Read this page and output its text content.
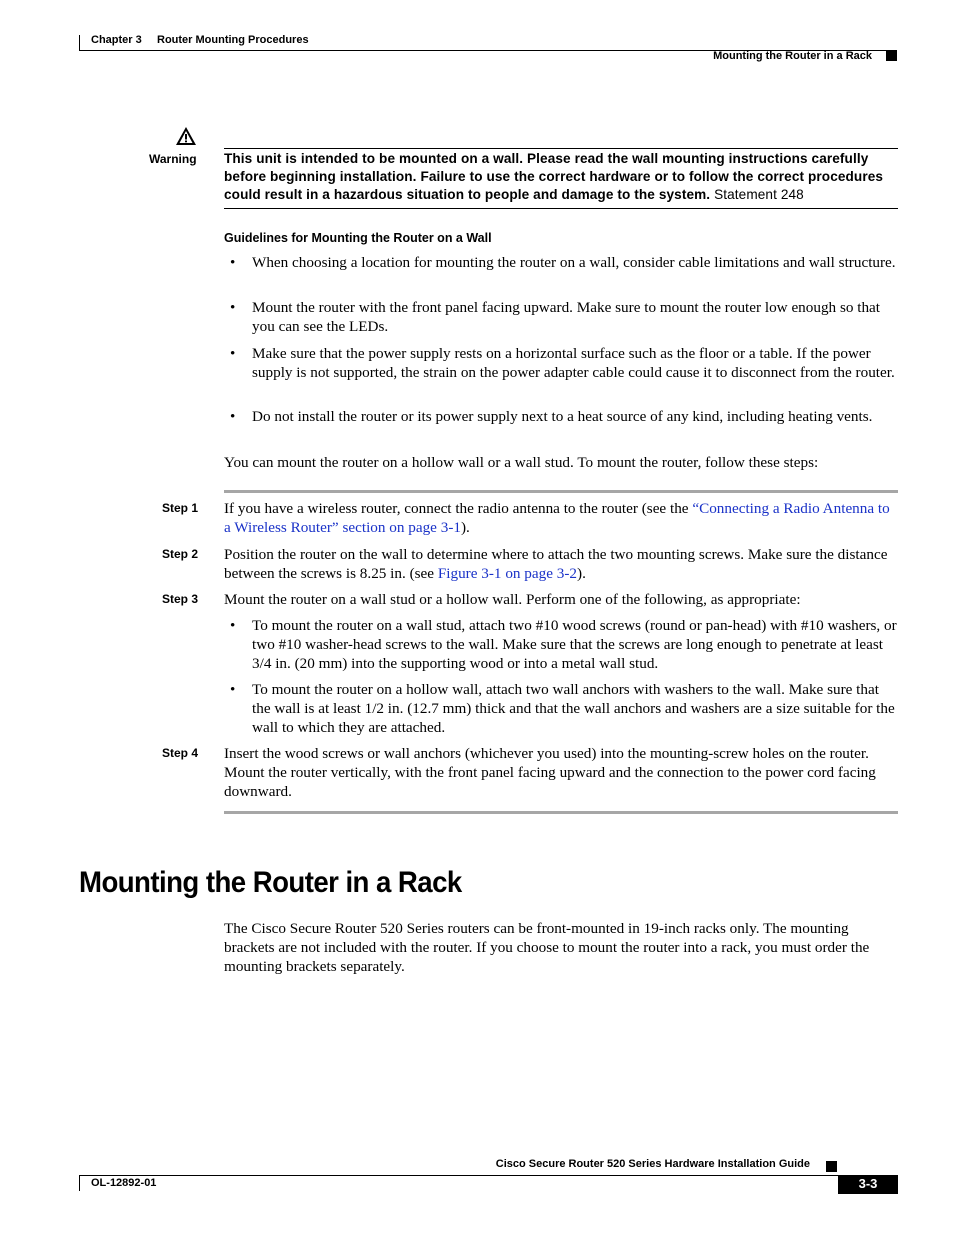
Chapter 3 Router Mounting Procedures
Mounting the Router in a Rack
Warning This unit is intended to be mounted on a wall. Please read the wall mounting instructions carefully before beginning installation. Failure to use the correct hardware or to follow the correct procedures could result in a hazardous situation to people and damage to the system. Statement 248
Guidelines for Mounting the Router on a Wall
• When choosing a location for mounting the router on a wall, consider cable limitations and wall structure.
• Mount the router with the front panel facing upward. Make sure to mount the router low enough so that you can see the LEDs.
• Make sure that the power supply rests on a horizontal surface such as the floor or a table. If the power supply is not supported, the strain on the power adapter cable could cause it to disconnect from the router.
• Do not install the router or its power supply next to a heat source of any kind, including heating vents.
You can mount the router on a hollow wall or a wall stud. To mount the router, follow these steps:
Step 1 If you have a wireless router, connect the radio antenna to the router (see the “Connecting a Radio Antenna to a Wireless Router” section on page 3-1).
Step 2 Position the router on the wall to determine where to attach the two mounting screws. Make sure the distance between the screws is 8.25 in. (see Figure 3-1 on page 3-2).
Step 3 Mount the router on a wall stud or a hollow wall. Perform one of the following, as appropriate:
• To mount the router on a wall stud, attach two #10 wood screws (round or pan-head) with #10 washers, or two #10 washer-head screws to the wall. Make sure that the screws are long enough to penetrate at least 3/4 in. (20 mm) into the supporting wood or into a metal wall stud.
• To mount the router on a hollow wall, attach two wall anchors with washers to the wall. Make sure that the wall is at least 1/2 in. (12.7 mm) thick and that the wall anchors and washers are a size suitable for the wall to which they are attached.
Step 4 Insert the wood screws or wall anchors (whichever you used) into the mounting-screw holes on the router. Mount the router vertically, with the front panel facing upward and the connection to the power cord facing downward.
Mounting the Router in a Rack
The Cisco Secure Router 520 Series routers can be front-mounted in 19-inch racks only. The mounting brackets are not included with the router. If you choose to mount the router into a rack, you must order the mounting brackets separately.
Cisco Secure Router 520 Series Hardware Installation Guide
OL-12892-01	3-3
